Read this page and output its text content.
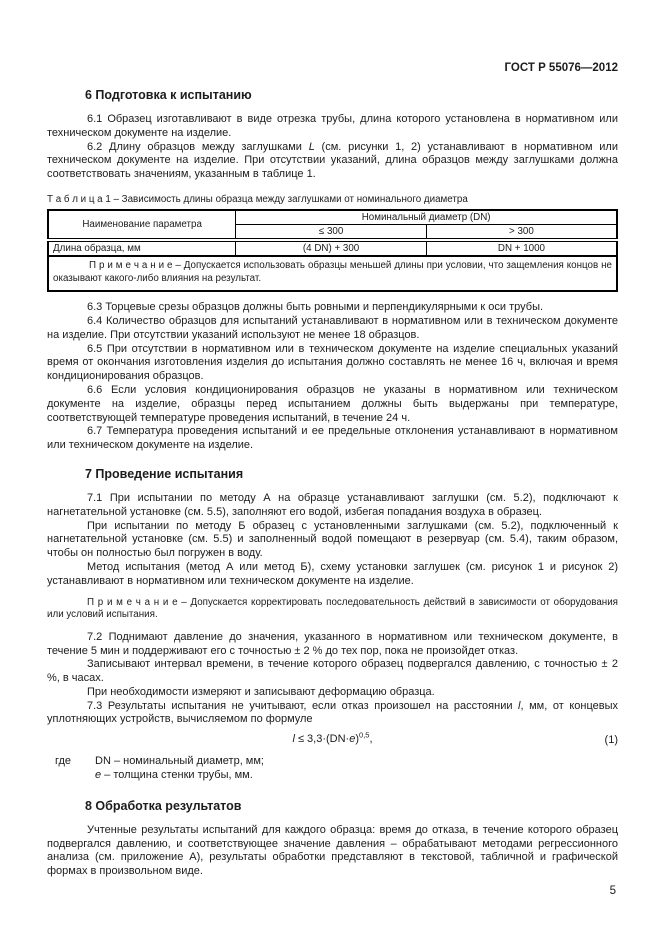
ГОСТ Р 55076—2012
6 Подготовка к испытанию

6.1 Образец изготавливают в виде отрезка трубы, длина которого установлена в нормативном или техническом документе на изделие.

6.2 Длину образцов между заглушками L (см. рисунки 1, 2) устанавливают в нормативном или техническом документе на изделие. При отсутствии указаний, длина образцов между заглушками должна соответствовать значениям, указанным в таблице 1.

Т а б л и ц а 1 – Зависимость длины образца между заглушками от номинального диаметра
Наименование параметра	Номинальный диаметр (DN)	
	≤ 300	> 300
Длина образца, мм	(4 DN) + 300	DN + 1000

П р и м е ч а н и е – Допускается использовать образцы меньшей длины при условии, что защемления концов не оказывают какого-либо влияния на результат.		

6.3 Торцевые срезы образцов должны быть ровными и перпендикулярными к оси трубы.

6.4 Количество образцов для испытаний устанавливают в нормативном или в техническом документе на изделие. При отсутствии указаний используют не менее 18 образцов.

6.5 При отсутствии в нормативном или в техническом документе на изделие специальных указаний время от окончания изготовления изделия до испытания должно составлять не менее 16 ч, включая и время кондиционирования образцов.

6.6 Если условия кондиционирования образцов не указаны в нормативном или техническом документе на изделие, образцы перед испытанием должны быть выдержаны при температуре, соответствующей температуре проведения испытаний, в течение 24 ч.

6.7 Температура проведения испытаний и ее предельные отклонения устанавливают в нормативном или техническом документе на изделие.

7 Проведение испытания

7.1 При испытании по методу А на образце устанавливают заглушки (см. 5.2), подключают к нагнетательной установке (см. 5.5), заполняют его водой, избегая попадания воздуха в образец.

При испытании по методу Б образец с установленными заглушками (см. 5.2), подключенный к нагнетательной установке (см. 5.5) и заполненный водой помещают в резервуар (см. 5.4), таким образом, чтобы он полностью был погружен в воду.

Метод испытания (метод А или метод Б), схему установки заглушек (см. рисунок 1 и рисунок 2) устанавливают в нормативном или техническом документе на изделие.

П р и м е ч а н и е – Допускается корректировать последовательность действий в зависимости от оборудования или условий испытания.

7.2 Поднимают давление до значения, указанного в нормативном или техническом документе, в течение 5 мин и поддерживают его с точностью ± 2 % до тех пор, пока не произойдет отказ.

Записывают интервал времени, в течение которого образец подвергался давлению, с точностью ± 2 %, в часах.

При необходимости измеряют и записывают деформацию образца.

7.3 Результаты испытания не учитывают, если отказ произошел на расстоянии l, мм, от концевых уплотняющих устройств, вычисляемом по формуле

$l \le 3,3\cdot(DN\cdot e)^{0,5}$,	(1)
где	DN – номинальный диаметр, мм;
e – толщина стенки трубы, мм.
8 Обработка результатов

Учтенные результаты испытаний для каждого образца: время до отказа, в течение которого образец подвергался давлению, и соответствующее значение давления – обрабатывают методами регрессионного анализа (см. приложение А), результаты обработки представляют в текстовой, табличной и графической формах в произвольном виде.

5
